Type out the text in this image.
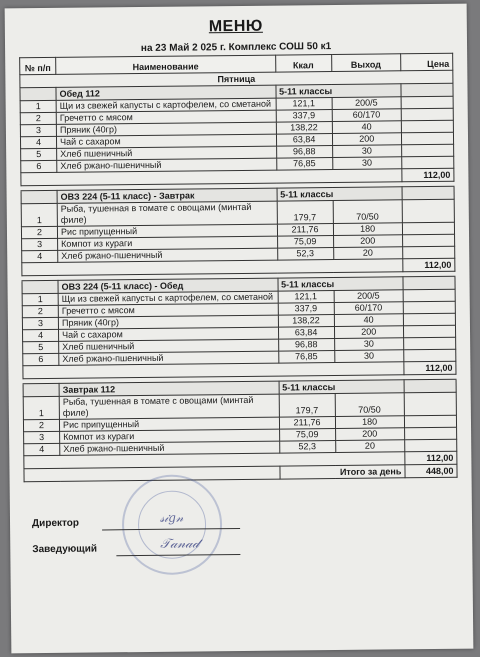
МЕНЮ
на 23 Май 2 025 г. Комплекс СОШ 50 к1
№ п/п	Наименование	Ккал	Выход	Цена
Пятница				
	Обед 112	5-11 классы		
1	Щи из свежей капусты с картофелем, со сметаной	121,1	200/5	
2	Гречетто с мясом	337,9	60/170	
3	Пряник (40гр)	138,22	40	
4	Чай с сахаром	63,84	200	
5	Хлеб пшеничный	96,88	30	
6	Хлеб ржано-пшеничный	76,85	30	
				112,00

	ОВЗ 224 (5-11 класс) - Завтрак	5-11 классы		
1	Рыба, тушенная в томате с овощами (минтай филе)	179,7	70/50	
2	Рис припущенный	211,76	180	
3	Компот из кураги	75,09	200	
4	Хлеб ржано-пшеничный	52,3	20	
				112,00

	ОВЗ 224 (5-11 класс) - Обед	5-11 классы		
1	Щи из свежей капусты с картофелем, со сметаной	121,1	200/5	
2	Гречетто с мясом	337,9	60/170	
3	Пряник (40гр)	138,22	40	
4	Чай с сахаром	63,84	200	
5	Хлеб пшеничный	96,88	30	
6	Хлеб ржано-пшеничный	76,85	30	
				112,00

	Завтрак 112	5-11 классы		
1	Рыба, тушенная в томате с овощами (минтай филе)	179,7	70/50	
2	Рис припущенный	211,76	180	
3	Компот из кураги	75,09	200	
4	Хлеб ржано-пшеничный	52,3	20	
				112,00
		Итого за день		448,00
𝓈𝒾𝑔𝓃
𝒯𝒶𝓃𝒶𝒹
Директор
Заведующий
